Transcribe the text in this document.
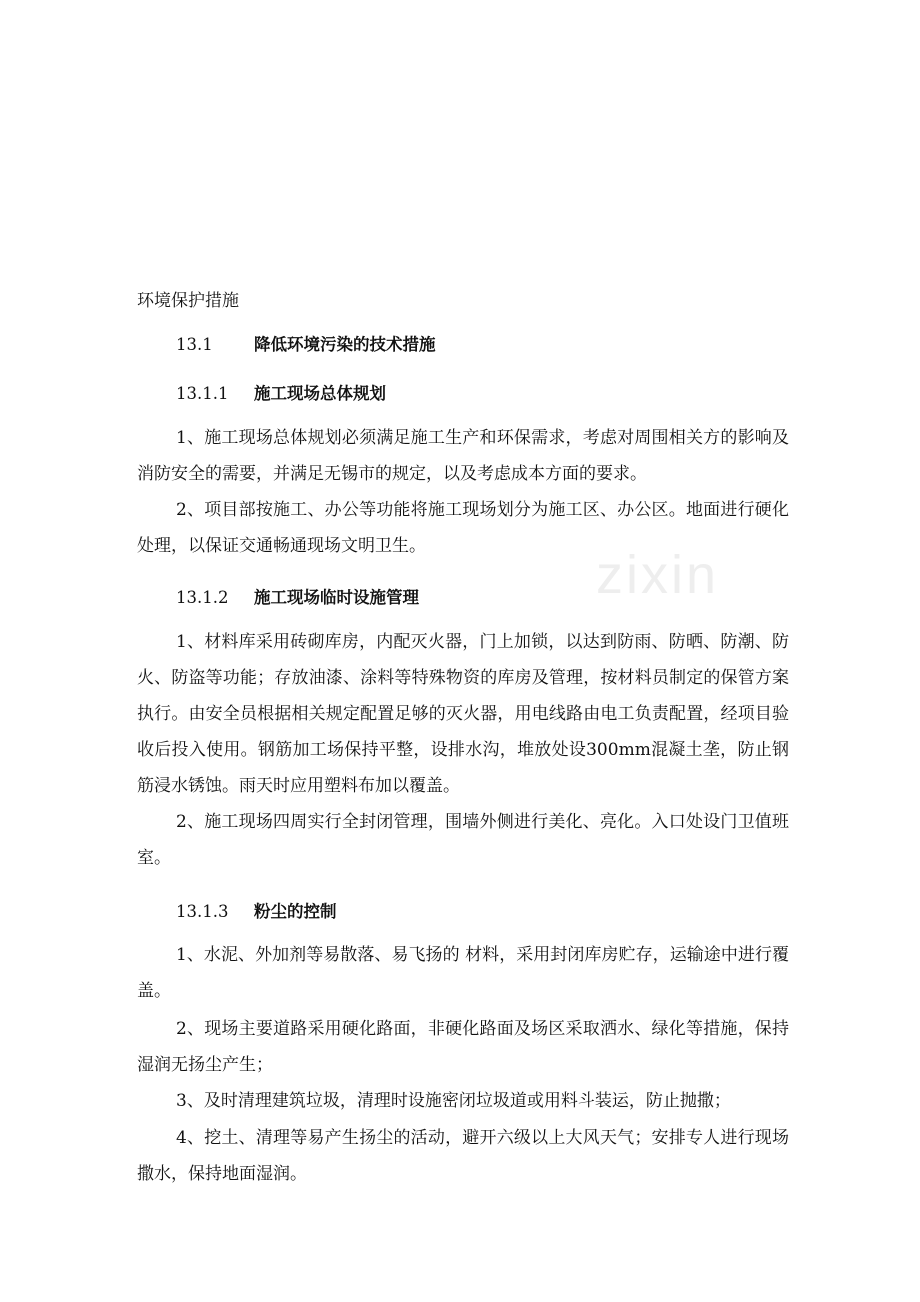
zixin
环境保护措施
13.1	降低环境污染的技术措施
13.1.1 施工现场总体规划

1、施工现场总体规划必须满足施工生产和环保需求，考虑对周围相关方的影响及消防安全的需要，并满足无锡市的规定，以及考虑成本方面的要求。

2、项目部按施工、办公等功能将施工现场划分为施工区、办公区。地面进行硬化处理，以保证交通畅通现场文明卫生。

13.1.2 施工现场临时设施管理

1、材料库采用砖砌库房，内配灭火器，门上加锁，以达到防雨、防晒、防潮、防火、防盗等功能；存放油漆、涂料等特殊物资的库房及管理，按材料员制定的保管方案执行。由安全员根据相关规定配置足够的灭火器，用电线路由电工负责配置，经项目验收后投入使用。钢筋加工场保持平整，设排水沟，堆放处设300mm混凝土垄，防止钢筋浸水锈蚀。雨天时应用塑料布加以覆盖。

2、施工现场四周实行全封闭管理，围墙外侧进行美化、亮化。入口处设门卫值班室。

13.1.3 粉尘的控制

1、水泥、外加剂等易散落、易飞扬的 材料，采用封闭库房贮存，运输途中进行覆盖。

2、现场主要道路采用硬化路面，非硬化路面及场区采取洒水、绿化等措施，保持湿润无扬尘产生；

3、及时清理建筑垃圾，清理时设施密闭垃圾道或用料斗装运，防止抛撒；

4、挖土、清理等易产生扬尘的活动，避开六级以上大风天气；安排专人进行现场撒水，保持地面湿润。
